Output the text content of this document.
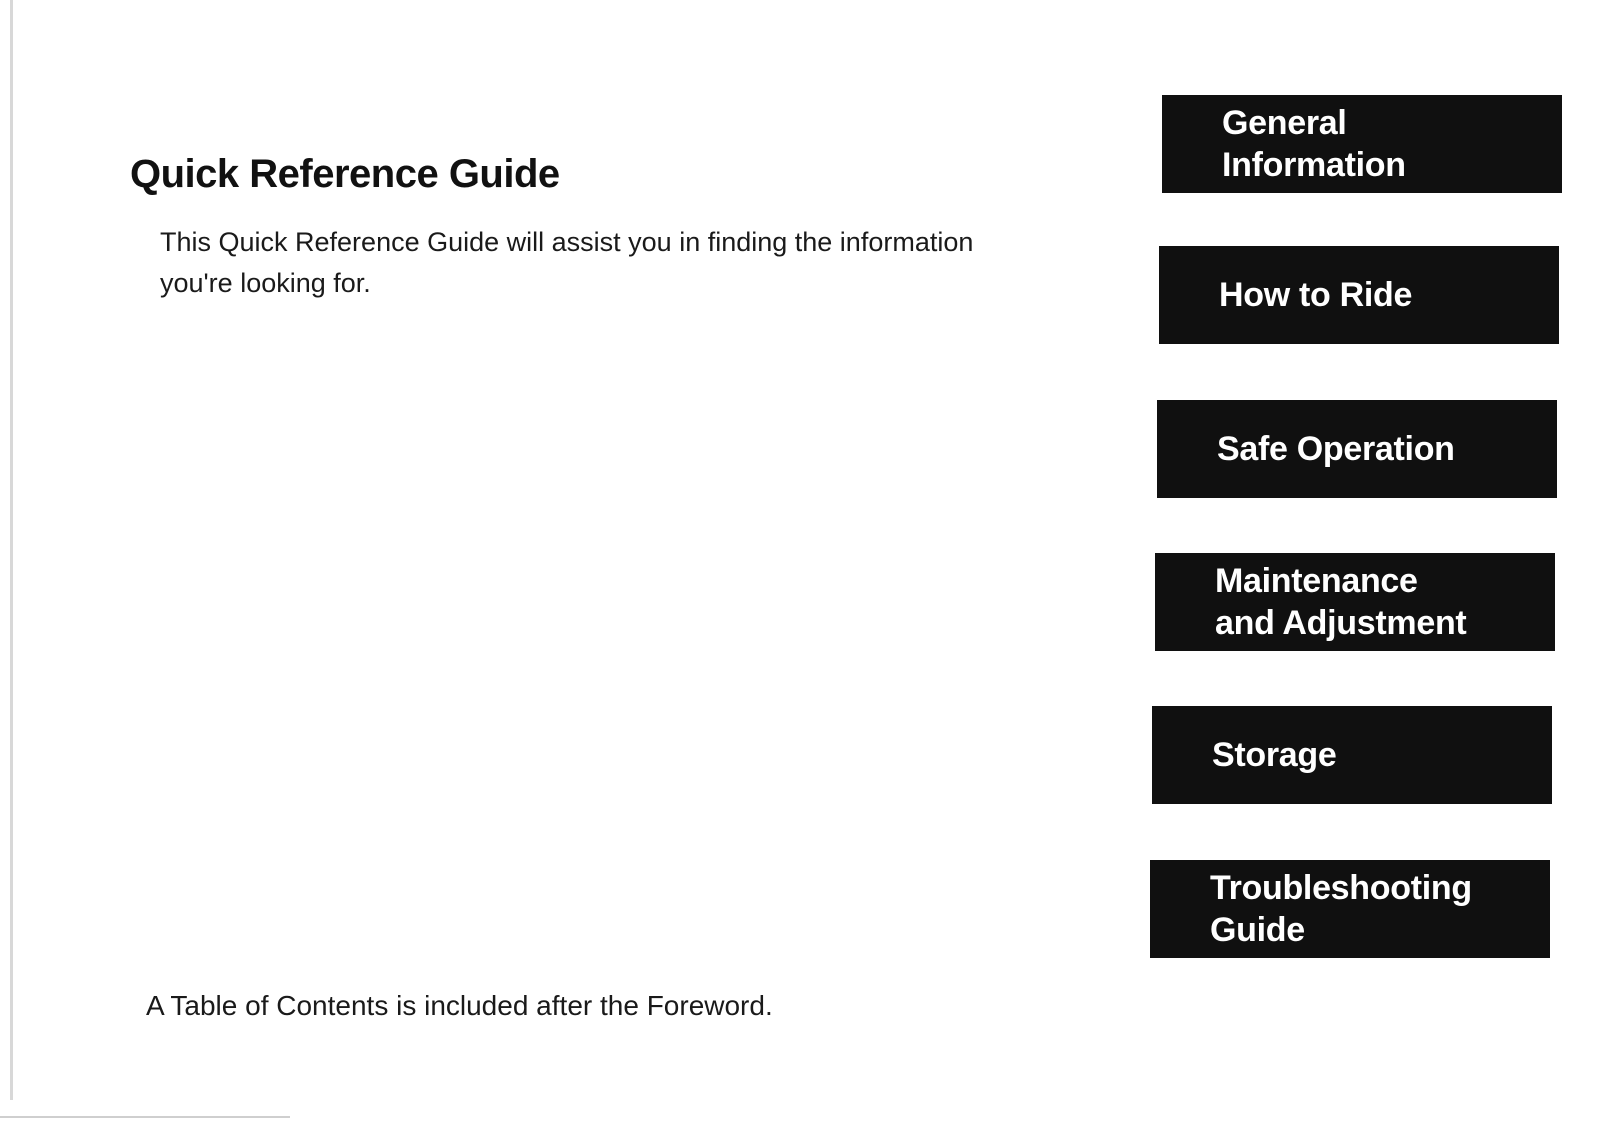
Quick Reference Guide

This Quick Reference Guide will assist you in finding the information you're looking for.

A Table of Contents is included after the Foreword.

General
Information
How to Ride
Safe Operation
Maintenance
and Adjustment
Storage
Troubleshooting
Guide
